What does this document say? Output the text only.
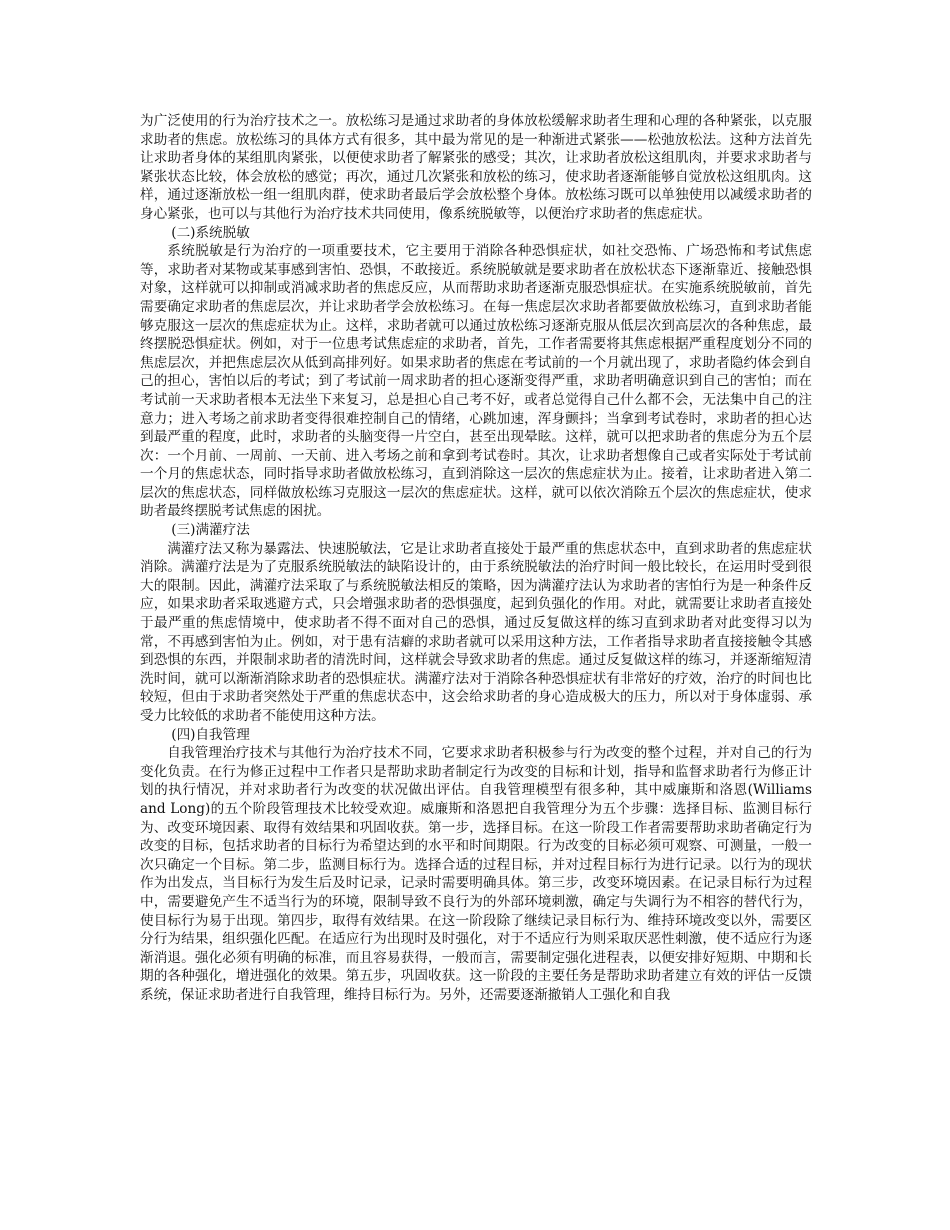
为广泛使用的行为治疗技术之一。放松练习是通过求助者的身体放松缓解求助者生理和心理的各种紧张，以克服求助者的焦虑。放松练习的具体方式有很多，其中最为常见的是一种渐进式紧张——松弛放松法。这种方法首先让求助者身体的某组肌肉紧张，以便使求助者了解紧张的感受；其次，让求助者放松这组肌肉，并要求求助者与紧张状态比较，体会放松的感觉；再次，通过几次紧张和放松的练习，使求助者逐渐能够自觉放松这组肌肉。这样，通过逐渐放松一组一组肌肉群，使求助者最后学会放松整个身体。放松练习既可以单独使用以减缓求助者的身心紧张，也可以与其他行为治疗技术共同使用，像系统脱敏等，以便治疗求助者的焦虑症状。

(二)系统脱敏

系统脱敏是行为治疗的一项重要技术，它主要用于消除各种恐惧症状，如社交恐怖、广场恐怖和考试焦虑等，求助者对某物或某事感到害怕、恐惧，不敢接近。系统脱敏就是要求助者在放松状态下逐渐靠近、接触恐惧对象，这样就可以抑制或消减求助者的焦虑反应，从而帮助求助者逐渐克服恐惧症状。在实施系统脱敏前，首先需要确定求助者的焦虑层次，并让求助者学会放松练习。在每一焦虑层次求助者都要做放松练习，直到求助者能够克服这一层次的焦虑症状为止。这样，求助者就可以通过放松练习逐渐克服从低层次到高层次的各种焦虑，最终摆脱恐惧症状。例如，对于一位患考试焦虑症的求助者，首先，工作者需要将其焦虑根据严重程度划分不同的焦虑层次，并把焦虑层次从低到高排列好。如果求助者的焦虑在考试前的一个月就出现了，求助者隐约体会到自己的担心，害怕以后的考试；到了考试前一周求助者的担心逐渐变得严重，求助者明确意识到自己的害怕；而在考试前一天求助者根本无法坐下来复习，总是担心自己考不好，或者总觉得自己什么都不会，无法集中自己的注意力；进入考场之前求助者变得很难控制自己的情绪，心跳加速，浑身颤抖；当拿到考试卷时，求助者的担心达到最严重的程度，此时，求助者的头脑变得一片空白，甚至出现晕眩。这样，就可以把求助者的焦虑分为五个层次：一个月前、一周前、一天前、进入考场之前和拿到考试卷时。其次，让求助者想像自己或者实际处于考试前一个月的焦虑状态，同时指导求助者做放松练习，直到消除这一层次的焦虑症状为止。接着，让求助者进入第二层次的焦虑状态，同样做放松练习克服这一层次的焦虑症状。这样，就可以依次消除五个层次的焦虑症状，使求助者最终摆脱考试焦虑的困扰。

(三)满灌疗法

满灌疗法又称为暴露法、快速脱敏法，它是让求助者直接处于最严重的焦虑状态中，直到求助者的焦虑症状消除。满灌疗法是为了克服系统脱敏法的缺陷设计的，由于系统脱敏法的治疗时间一般比较长，在运用时受到很大的限制。因此，满灌疗法采取了与系统脱敏法相反的策略，因为满灌疗法认为求助者的害怕行为是一种条件反应，如果求助者采取逃避方式，只会增强求助者的恐惧强度，起到负强化的作用。对此，就需要让求助者直接处于最严重的焦虑情境中，使求助者不得不面对自己的恐惧，通过反复做这样的练习直到求助者对此变得习以为常，不再感到害怕为止。例如，对于患有洁癖的求助者就可以采用这种方法，工作者指导求助者直接接触令其感到恐惧的东西，并限制求助者的清洗时间，这样就会导致求助者的焦虑。通过反复做这样的练习，并逐渐缩短清洗时间，就可以渐渐消除求助者的恐惧症状。满灌疗法对于消除各种恐惧症状有非常好的疗效，治疗的时间也比较短，但由于求助者突然处于严重的焦虑状态中，这会给求助者的身心造成极大的压力，所以对于身体虚弱、承受力比较低的求助者不能使用这种方法。

(四)自我管理

自我管理治疗技术与其他行为治疗技术不同，它要求求助者积极参与行为改变的整个过程，并对自己的行为变化负责。在行为修正过程中工作者只是帮助求助者制定行为改变的目标和计划，指导和监督求助者行为修正计划的执行情况，并对求助者行为改变的状况做出评估。自我管理模型有很多种，其中威廉斯和洛恩(Williams and Long)的五个阶段管理技术比较受欢迎。威廉斯和洛恩把自我管理分为五个步骤：选择目标、监测目标行为、改变环境因素、取得有效结果和巩固收获。第一步，选择目标。在这一阶段工作者需要帮助求助者确定行为改变的目标，包括求助者的目标行为希望达到的水平和时间期限。行为改变的目标必须可观察、可测量，一般一次只确定一个目标。第二步，监测目标行为。选择合适的过程目标，并对过程目标行为进行记录。以行为的现状作为出发点，当目标行为发生后及时记录，记录时需要明确具体。第三步，改变环境因素。在记录目标行为过程中，需要避免产生不适当行为的环境，限制导致不良行为的外部环境刺激，确定与失调行为不相容的替代行为，使目标行为易于出现。第四步，取得有效结果。在这一阶段除了继续记录目标行为、维持环境改变以外，需要区分行为结果，组织强化匹配。在适应行为出现时及时强化，对于不适应行为则采取厌恶性刺激，使不适应行为逐渐消退。强化必须有明确的标准，而且容易获得，一般而言，需要制定强化进程表，以便安排好短期、中期和长期的各种强化，增进强化的效果。第五步，巩固收获。这一阶段的主要任务是帮助求助者建立有效的评估一反馈系统，保证求助者进行自我管理，维持目标行为。另外，还需要逐渐撤销人工强化和自我
